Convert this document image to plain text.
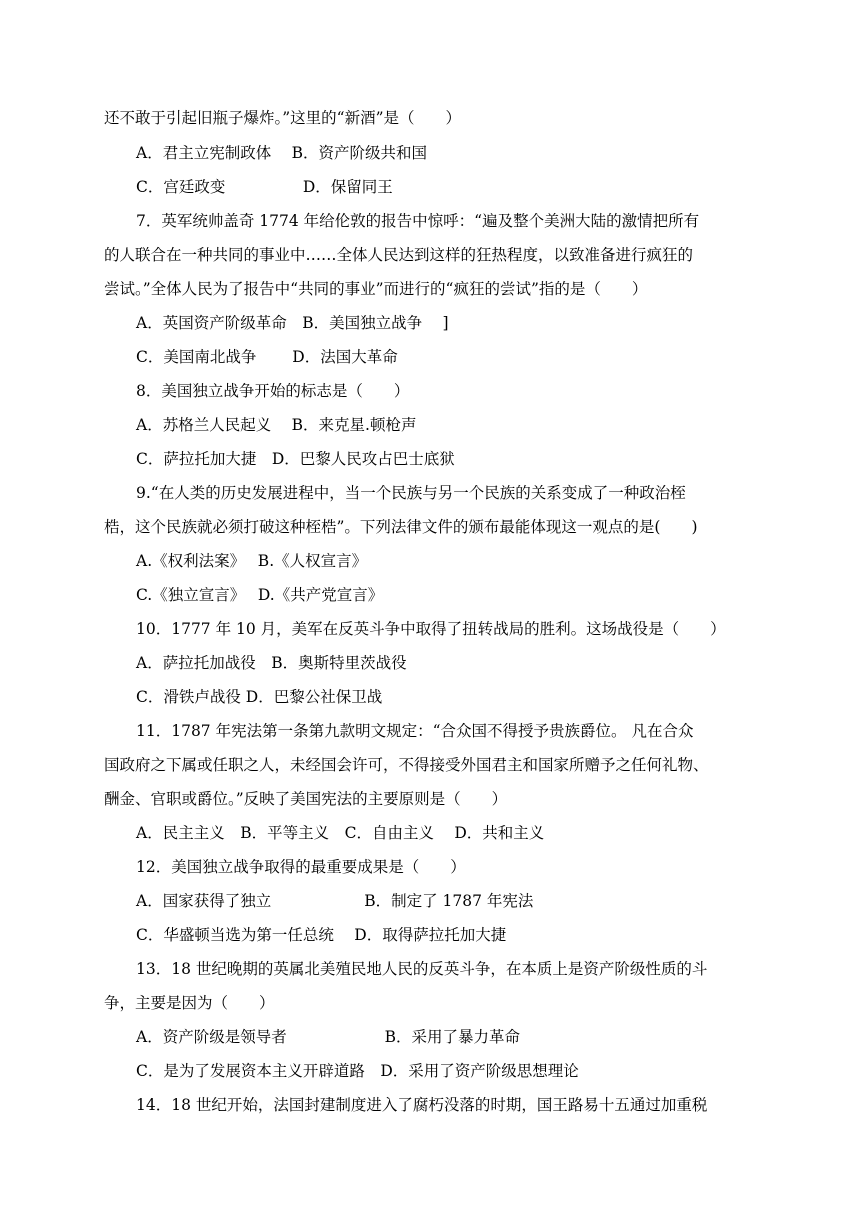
还不敢于引起旧瓶子爆炸。”这里的“新酒”是（　　）
A．君主立宪制政体　 B．资产阶级共和国
C．宫廷政变　　　　　D．保留同王
7．英军统帅盖奇 1774 年给伦敦的报告中惊呼：“遍及整个美洲大陆的激情把所有
的人联合在一种共同的事业中……全体人民达到这样的狂热程度，以致准备进行疯狂的
尝试。”全体人民为了报告中“共同的事业”而进行的“疯狂的尝试”指的是（　　）
A．英国资产阶级革命　B．美国独立战争　 ]
C．美国南北战争　　 D．法国大革命
8．美国独立战争开始的标志是（　　）
A．苏格兰人民起义　 B．来克星.顿枪声
C．萨拉托加大捷　D．巴黎人民攻占巴士底狱
9.“在人类的历史发展进程中，当一个民族与另一个民族的关系变成了一种政治桎
梏，这个民族就必须打破这种桎梏”。下列法律文件的颁布最能体现这一观点的是(　　)
A.《权利法案》　 B.《人权宣言》
C.《独立宣言》　 D.《共产党宣言》
10．1777 年 10 月，美军在反英斗争中取得了扭转战局的胜利。这场战役是（　　）
A．萨拉托加战役　B．奥斯特里茨战役
C．滑铁卢战役 D．巴黎公社保卫战
11．1787 年宪法第一条第九款明文规定：“合众国不得授予贵族爵位。 凡在合众
国政府之下属或任职之人，未经国会许可，不得接受外国君主和国家所赠予之任何礼物、
酬金、官职或爵位。”反映了美国宪法的主要原则是（　　）
A．民主主义　B．平等主义　C．自由主义　 D．共和主义
12．美国独立战争取得的最重要成果是（　　）
A．国家获得了独立　　　　　　B．制定了 1787 年宪法
C．华盛顿当选为第一任总统　 D．取得萨拉托加大捷
13．18 世纪晚期的英属北美殖民地人民的反英斗争，在本质上是资产阶级性质的斗
争，主要是因为（　　）
A．资产阶级是领导者　　　　　　 B．采用了暴力革命
C．是为了发展资本主义开辟道路　D．采用了资产阶级思想理论
14．18 世纪开始，法国封建制度进入了腐朽没落的时期，国王路易十五通过加重税
